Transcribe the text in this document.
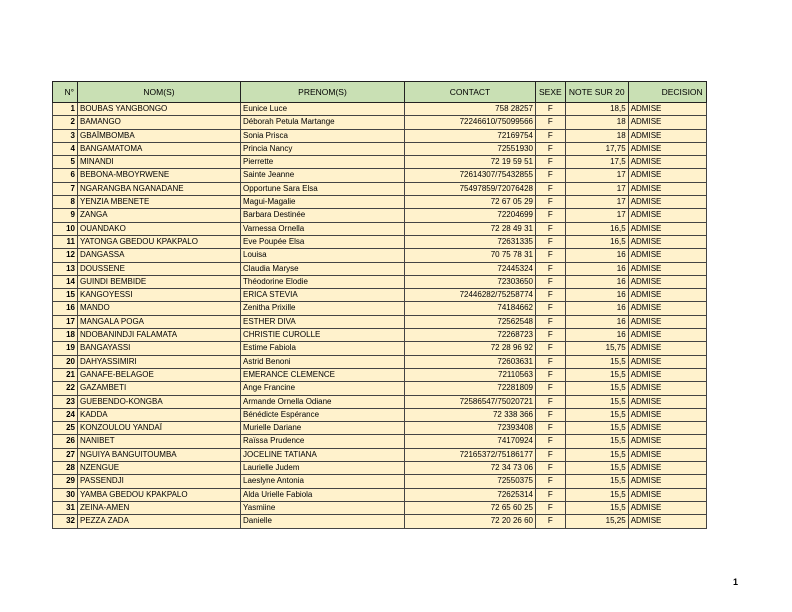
N°	NOM(S)	PRENOM(S)	CONTACT	SEXE	NOTE SUR 20	DECISION
1	BOUBAS YANGBONGO	Eunice Luce	758 28257	F	18,5	ADMISE
2	BAMANGO	Déborah Petula Martange	72246610/75099566	F	18	ADMISE
3	GBAÏMBOMBA	Sonia Prisca	72169754	F	18	ADMISE
4	BANGAMATOMA	Princia Nancy	72551930	F	17,75	ADMISE
5	MINANDI	Pierrette	72 19 59 51	F	17,5	ADMISE
6	BEBONA-MBOYRWENE	Sainte Jeanne	72614307/75432855	F	17	ADMISE
7	NGARANGBA NGANADANE	Opportune Sara Elsa	75497859/72076428	F	17	ADMISE
8	YENZIA MBENETE	Magui-Magalie	72 67 05 29	F	17	ADMISE
9	ZANGA	Barbara Destinée	72204699	F	17	ADMISE
10	OUANDAKO	Varnessa Ornella	72 28 49 31	F	16,5	ADMISE
11	YATONGA GBEDOU KPAKPALO	Eve Poupée Elsa	72631335	F	16,5	ADMISE
12	DANGASSA	Louisa	70 75 78 31	F	16	ADMISE
13	DOUSSENE	Claudia Maryse	72445324	F	16	ADMISE
14	GUINDI BEMBIDE	Théodorine Elodie	72303650	F	16	ADMISE
15	KANGOYESSI	ERICA STEVIA	72446282/75258774	F	16	ADMISE
16	MANDO	Zenitha Prixille	74184662	F	16	ADMISE
17	MANGALA POGA	ESTHER DIVA	72562548	F	16	ADMISE
18	NDOBANINDJI FALAMATA	CHRISTIE CUROLLE	72268723	F	16	ADMISE
19	BANGAYASSI	Estime Fabiola	72 28 96 92	F	15,75	ADMISE
20	DAHYASSIMIRI	Astrid Benoni	72603631	F	15,5	ADMISE
21	GANAFE-BELAGOE	EMERANCE CLEMENCE	72110563	F	15,5	ADMISE
22	GAZAMBETI	Ange Francine	72281809	F	15,5	ADMISE
23	GUEBENDO-KONGBA	Armande Ornella Odiane	72586547/75020721	F	15,5	ADMISE
24	KADDA	Bénédicte Espérance	72 338 366	F	15,5	ADMISE
25	KONZOULOU YANDAÏ	Murielle Dariane	72393408	F	15,5	ADMISE
26	NANIBET	Raïssa Prudence	74170924	F	15,5	ADMISE
27	NGUIYA BANGUITOUMBA	JOCELINE TATIANA	72165372/75186177	F	15,5	ADMISE
28	NZENGUE	Laurielle Judem	72 34 73 06	F	15,5	ADMISE
29	PASSENDJI	Laeslyne Antonia	72550375	F	15,5	ADMISE
30	YAMBA GBEDOU KPAKPALO	Alda Urielle Fabiola	72625314	F	15,5	ADMISE
31	ZEINA-AMEN	Yasmiine	72 65 60 25	F	15,5	ADMISE
32	PEZZA ZADA	Danielle	72 20 26 60	F	15,25	ADMISE
1
